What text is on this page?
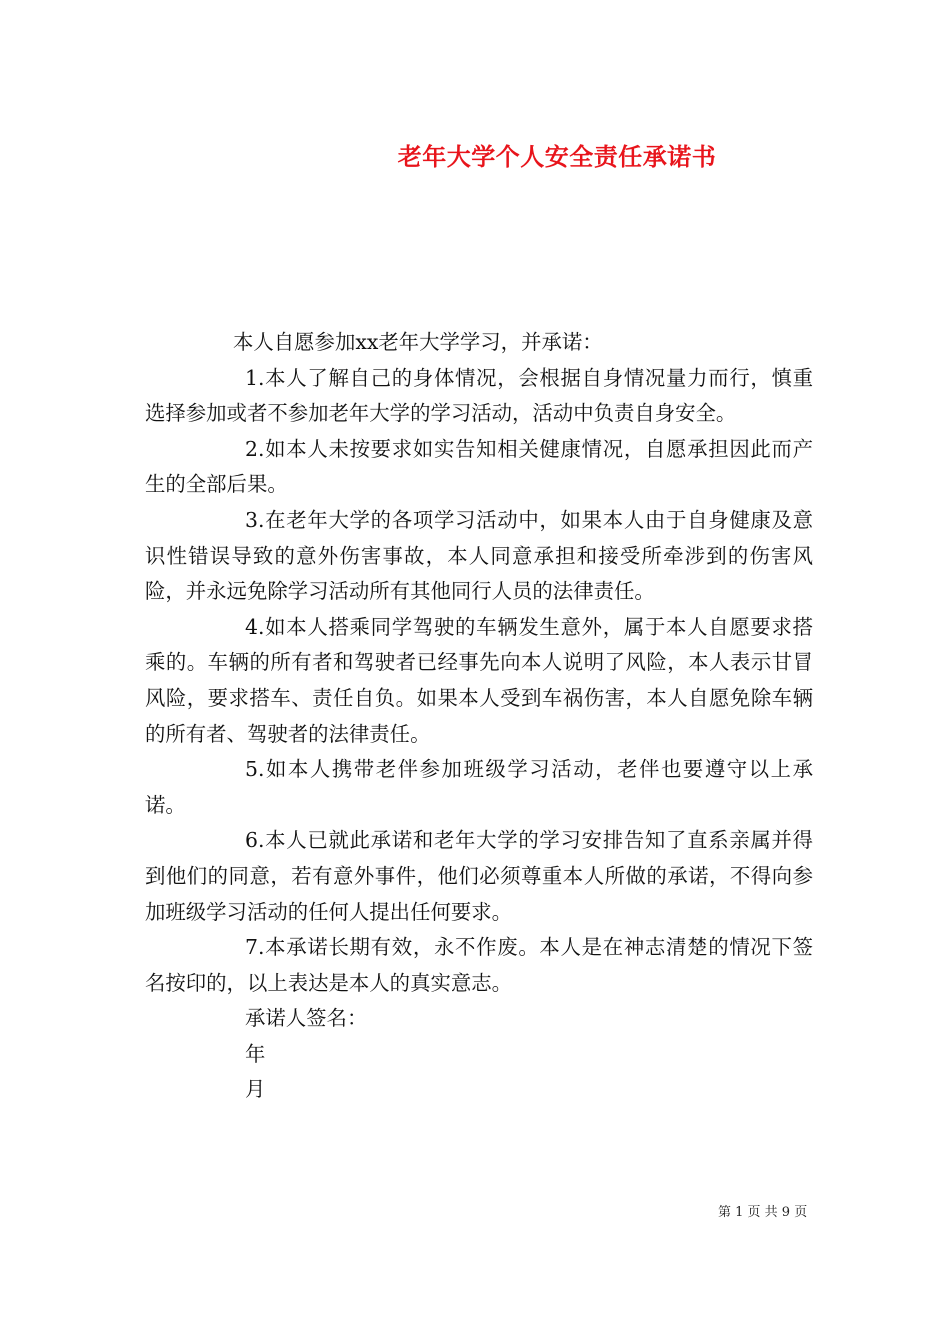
老年大学个人安全责任承诺书

本人自愿参加xx老年大学学习，并承诺：

1.本人了解自己的身体情况，会根据自身情况量力而行，慎重选择参加或者不参加老年大学的学习活动，活动中负责自身安全。

2.如本人未按要求如实告知相关健康情况，自愿承担因此而产生的全部后果。

3.在老年大学的各项学习活动中，如果本人由于自身健康及意识性错误导致的意外伤害事故，本人同意承担和接受所牵涉到的伤害风险，并永远免除学习活动所有其他同行人员的法律责任。

4.如本人搭乘同学驾驶的车辆发生意外，属于本人自愿要求搭乘的。车辆的所有者和驾驶者已经事先向本人说明了风险，本人表示甘冒风险，要求搭车、责任自负。如果本人受到车祸伤害，本人自愿免除车辆的所有者、驾驶者的法律责任。

5.如本人携带老伴参加班级学习活动，老伴也要遵守以上承诺。

6.本人已就此承诺和老年大学的学习安排告知了直系亲属并得到他们的同意，若有意外事件，他们必须尊重本人所做的承诺，不得向参加班级学习活动的任何人提出任何要求。

7.本承诺长期有效，永不作废。本人是在神志清楚的情况下签名按印的，以上表达是本人的真实意志。

承诺人签名：

年

月

第 1 页 共 9 页
